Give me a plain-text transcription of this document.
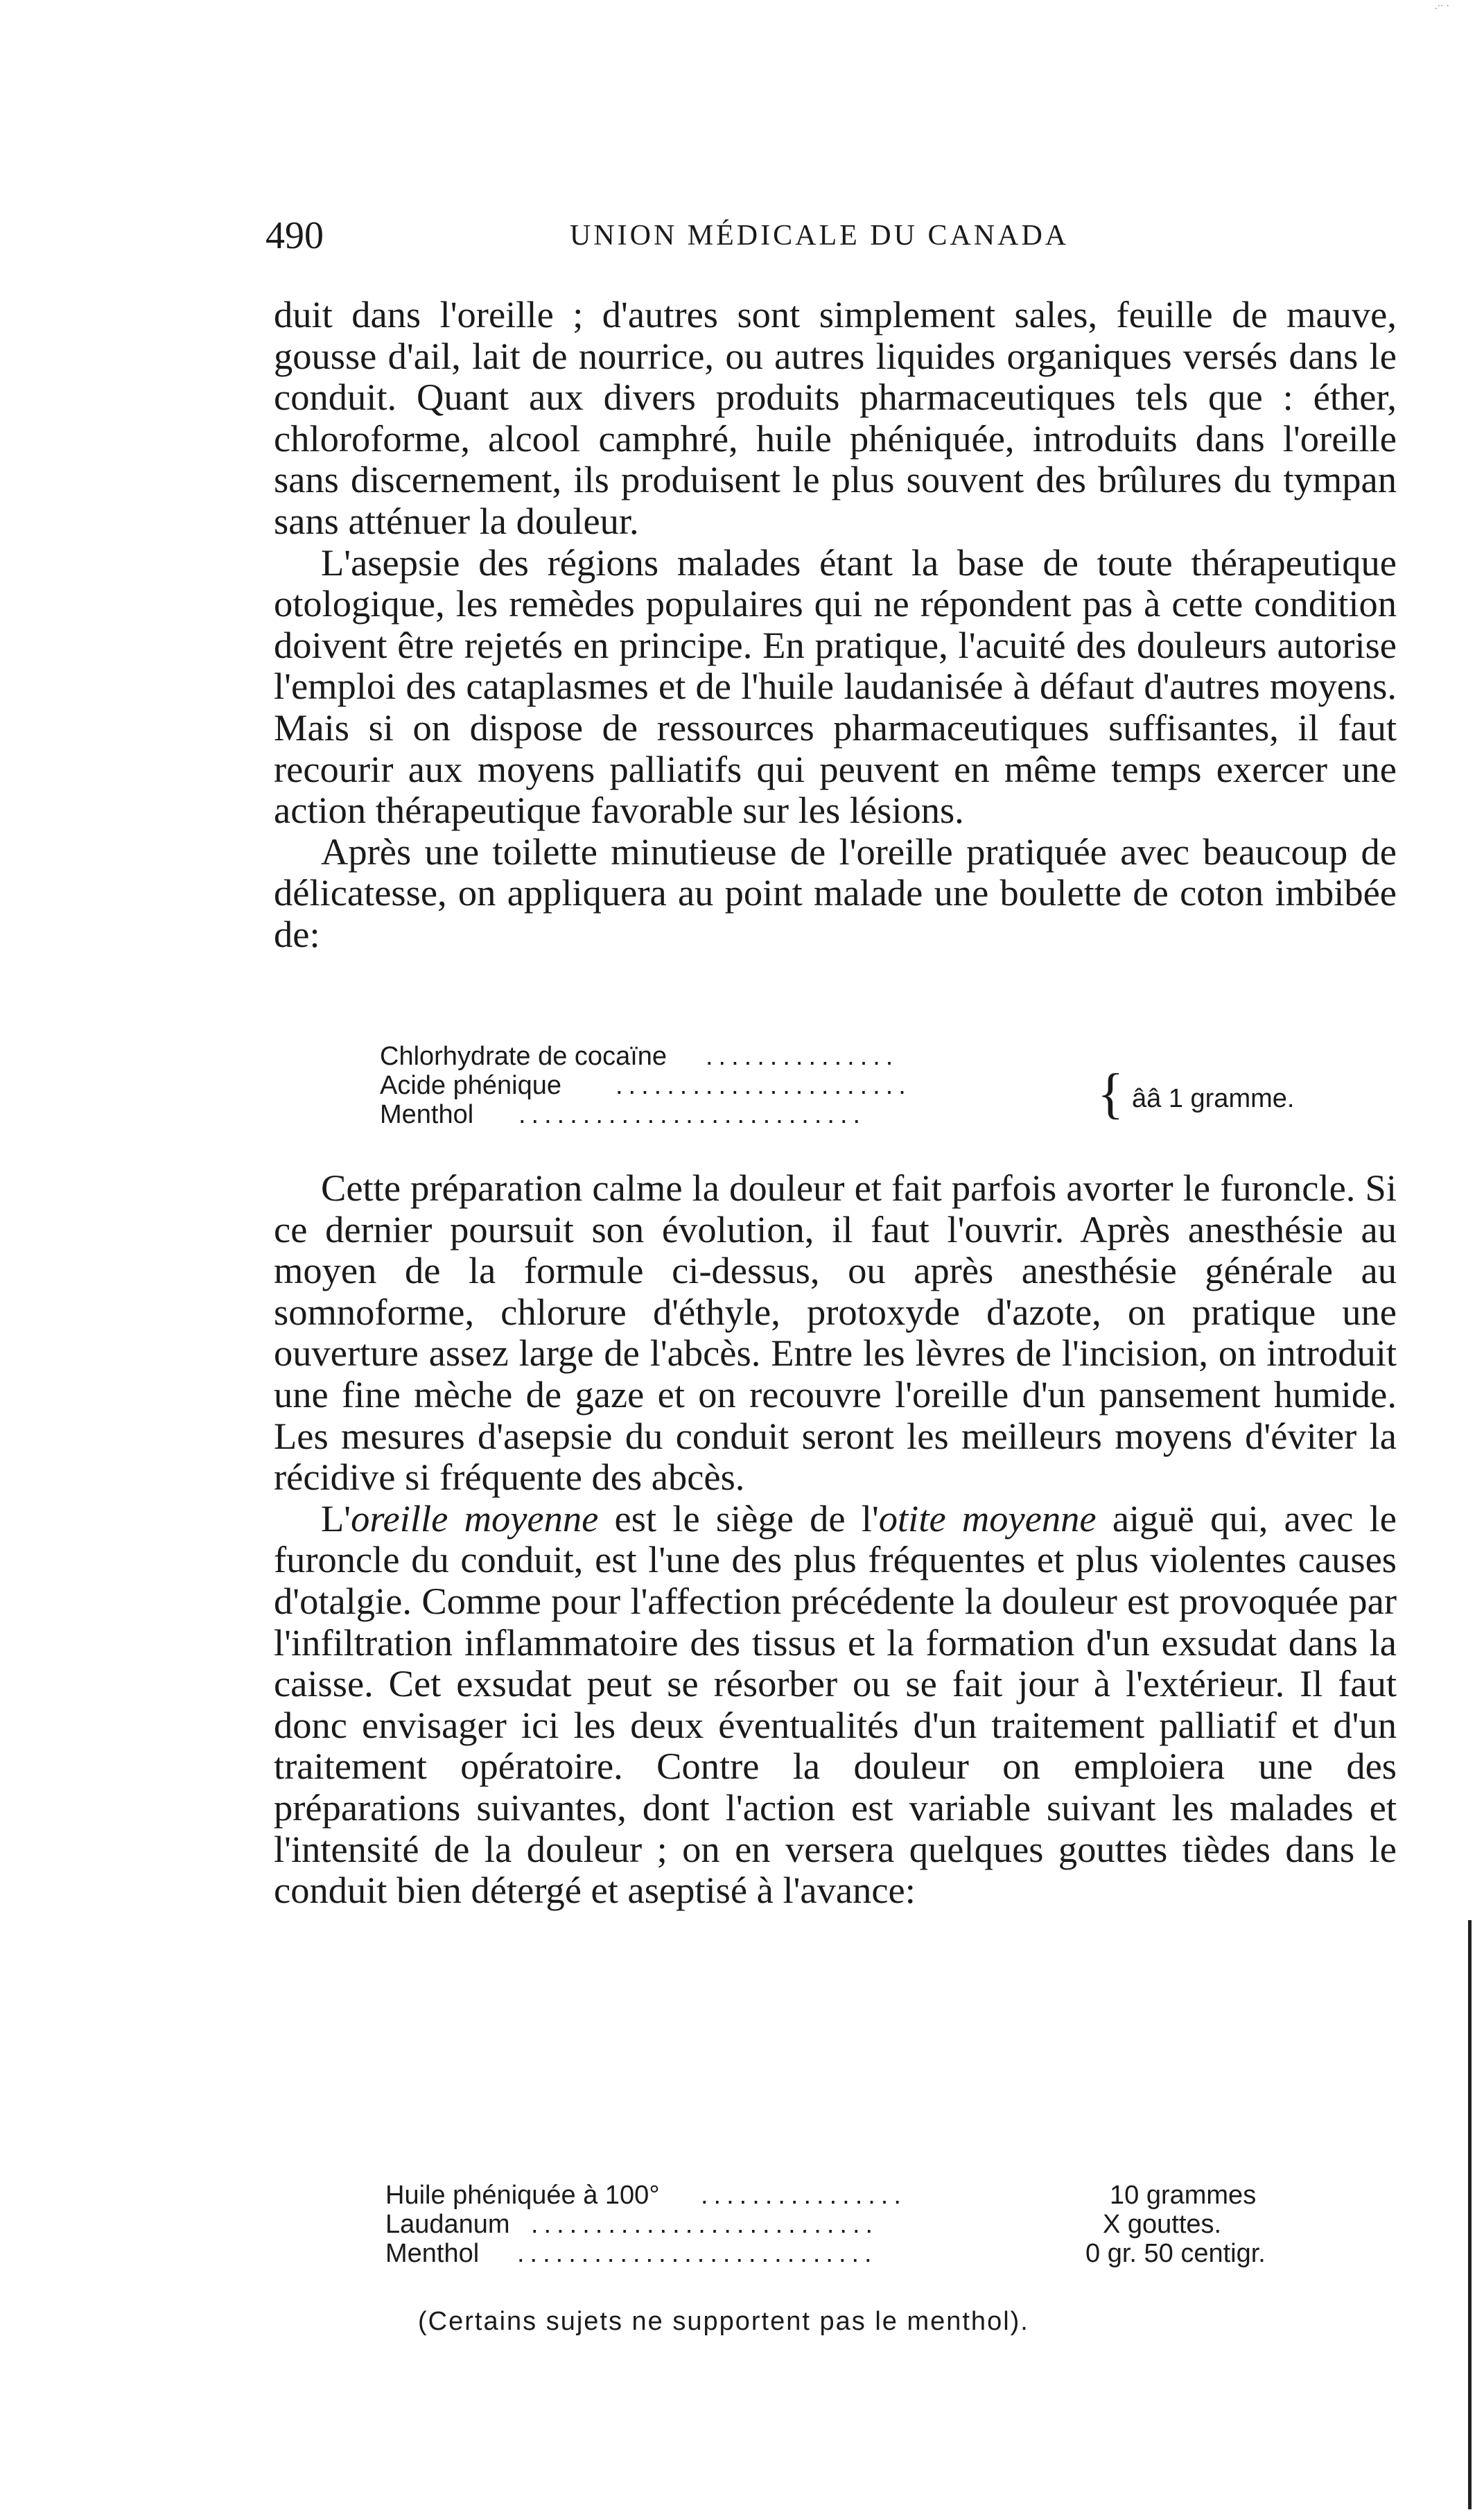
.·· ·
490	UNION MÉDICALE DU CANADA

duit dans l'oreille ; d'autres sont simplement sales, feuille de mauve, gousse d'ail, lait de nourrice, ou autres liquides organiques versés dans le conduit. Quant aux divers produits pharmaceutiques tels que : éther, chloroforme, alcool camphré, huile phéniquée, introduits dans l'oreille sans discernement, ils produisent le plus souvent des brûlures du tympan sans atténuer la douleur.

L'asepsie des régions malades étant la base de toute thérapeutique otologique, les remèdes populaires qui ne répondent pas à cette condition doivent être rejetés en principe. En pratique, l'acuité des douleurs autorise l'emploi des cataplasmes et de l'huile laudanisée à défaut d'autres moyens. Mais si on dispose de ressources pharmaceutiques suffisantes, il faut recourir aux moyens palliatifs qui peuvent en même temps exercer une action thérapeutique favorable sur les lésions.

Après une toilette minutieuse de l'oreille pratiquée avec beaucoup de délicatesse, on appliquera au point malade une boulette de coton imbibée de:

Chlorhydrate de cocaïne ...............
Acide phénique .......................
Menthol ...........................	{ ââ 1 gramme.

Cette préparation calme la douleur et fait parfois avorter le furoncle. Si ce dernier poursuit son évolution, il faut l'ouvrir. Après anesthésie au moyen de la formule ci-dessus, ou après anesthésie générale au somnoforme, chlorure d'éthyle, protoxyde d'azote, on pratique une ouverture assez large de l'abcès. Entre les lèvres de l'incision, on introduit une fine mèche de gaze et on recouvre l'oreille d'un pansement humide. Les mesures d'asepsie du conduit seront les meilleurs moyens d'éviter la récidive si fréquente des abcès.

L'oreille moyenne est le siège de l'otite moyenne aiguë qui, avec le furoncle du conduit, est l'une des plus fréquentes et plus violentes causes d'otalgie. Comme pour l'affection précédente la douleur est provoquée par l'infiltration inflammatoire des tissus et la formation d'un exsudat dans la caisse. Cet exsudat peut se résorber ou se fait jour à l'extérieur. Il faut donc envisager ici les deux éventualités d'un traitement palliatif et d'un traitement opératoire. Contre la douleur on emploiera une des préparations suivantes, dont l'action est variable suivant les malades et l'intensité de la douleur ; on en versera quelques gouttes tièdes dans le conduit bien détergé et aseptisé à l'avance:

Huile phéniquée à 100° ................	10 grammes
Laudanum ...........................	X gouttes.
Menthol ............................	0 gr. 50 centigr.
(Certains sujets ne supportent pas le menthol).
